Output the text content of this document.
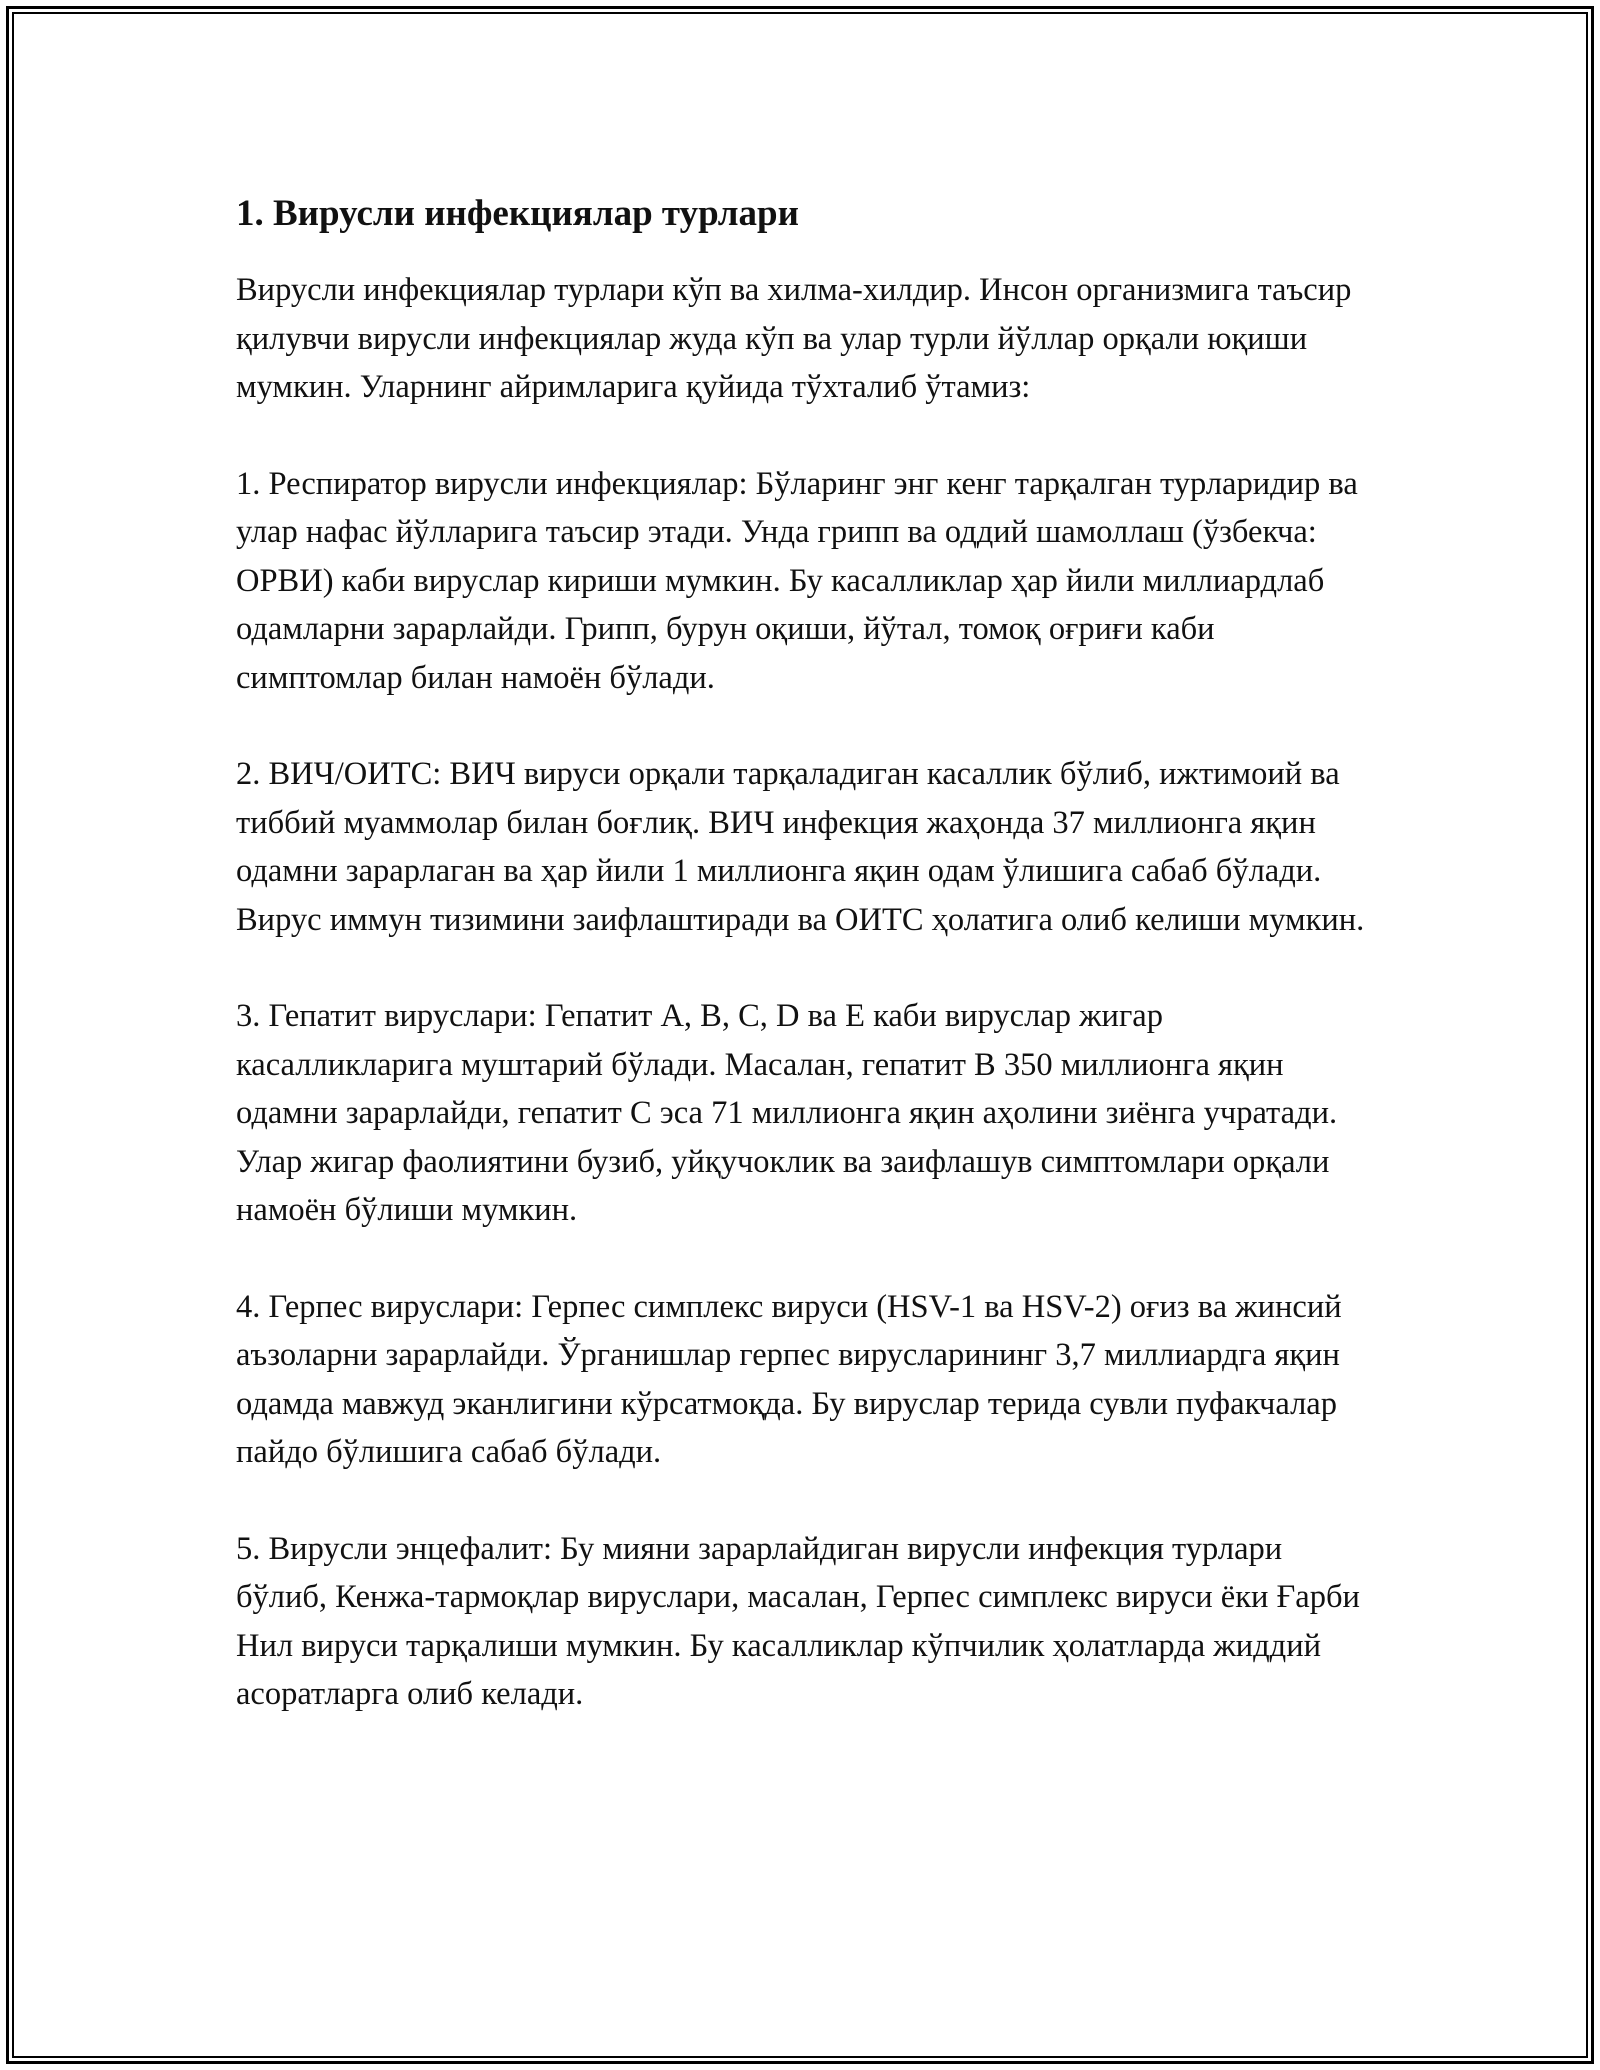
1. Вирусли инфекциялар турлари

Вирусли инфекциялар турлари кўп ва хилма-хилдир. Инсон организмига таъсир қилувчи вирусли инфекциялар жуда кўп ва улар турли йўллар орқали юқиши мумкин. Уларнинг айримларига қуйида тўхталиб ўтамиз:

1. Респиратор вирусли инфекциялар: Бўларинг энг кенг тарқалган турларидир ва улар нафас йўлларига таъсир этади. Унда грипп ва оддий шамоллаш (ўзбекча: ОРВИ) каби вируслар кириши мумкин. Бу касалликлар ҳар йили миллиардлаб одамларни зарарлайди. Грипп, бурун оқиши, йўтал, томоқ оғриғи каби симптомлар билан намоён бўлади.

2. ВИЧ/ОИТС: ВИЧ вируси орқали тарқаладиган касаллик бўлиб, ижтимоий ва тиббий муаммолар билан боғлиқ. ВИЧ инфекция жаҳонда 37 миллионга яқин одамни зарарлаган ва ҳар йили 1 миллионга яқин одам ўлишига сабаб бўлади. Вирус иммун тизимини заифлаштиради ва ОИТС ҳолатига олиб келиши мумкин.

3. Гепатит вируслари: Гепатит A, B, C, D ва E каби вируслар жигар касалликларига муштарий бўлади. Масалан, гепатит B 350 миллионга яқин одамни зарарлайди, гепатит C эса 71 миллионга яқин аҳолини зиёнга учратади. Улар жигар фаолиятини бузиб, уйқучоклик ва заифлашув симптомлари орқали намоён бўлиши мумкин.

4. Герпес вируслари: Герпес симплекс вируси (HSV-1 ва HSV-2) оғиз ва жинсий аъзоларни зарарлайди. Ўрганишлар герпес вирусларининг 3,7 миллиардга яқин одамда мавжуд эканлигини кўрсатмоқда. Бу вируслар терида сувли пуфакчалар пайдо бўлишига сабаб бўлади.

5. Вирусли энцефалит: Бу мияни зарарлайдиган вирусли инфекция турлари бўлиб, Кенжа-тармоқлар вируслари, масалан, Герпес симплекс вируси ёки Ғарби Нил вируси тарқалиши мумкин. Бу касалликлар кўпчилик ҳолатларда жиддий асоратларга олиб келади.
